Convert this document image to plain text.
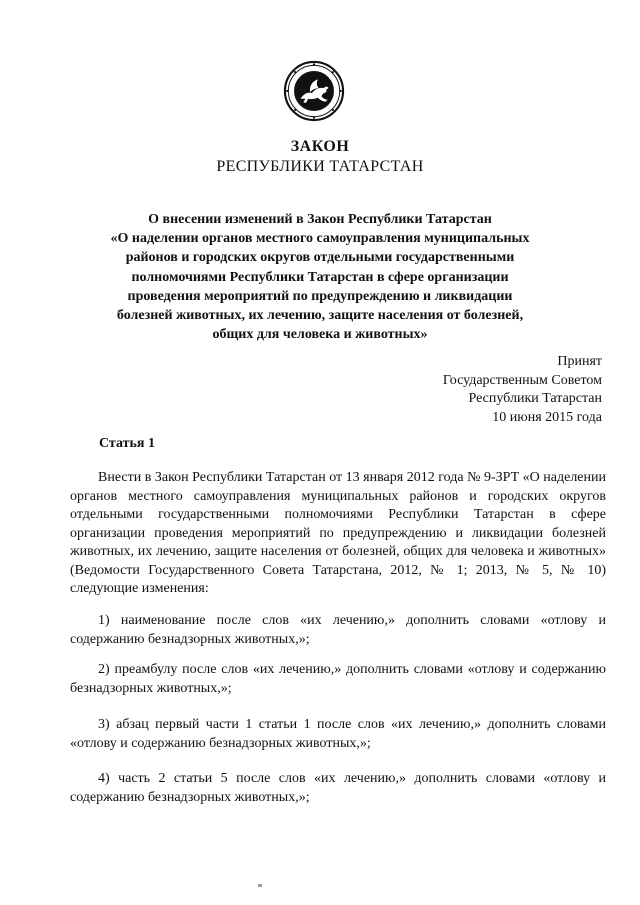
ЗАКОН
РЕСПУБЛИКИ ТАТАРСТАН
О внесении изменений в Закон Республики Татарстан
«О наделении органов местного самоуправления муниципальных
районов и городских округов отдельными государственными
полномочиями Республики Татарстан в сфере организации
проведения мероприятий по предупреждению и ликвидации
болезней животных, их лечению, защите населения от болезней,
общих для человека и животных»
Принят
Государственным Советом
Республики Татарстан
10 июня 2015 года
Статья 1
Внести в Закон Республики Татарстан от 13 января 2012 года № 9-ЗРТ «О наделении органов местного самоуправления муниципальных районов и городских округов отдельными государственными полномочиями Республики Татарстан в сфере организации проведения мероприятий по предупреждению и ликвидации болезней животных, их лечению, защите населения от болезней, общих для человека и животных» (Ведомости Государственного Совета Татарстана, 2012, № 1; 2013, № 5, № 10) следующие изменения:
1) наименование после слов «их лечению,» дополнить словами «отлову и содержанию безнадзорных животных,»;
2) преамбулу после слов «их лечению,» дополнить словами «отлову и содержанию безнадзорных животных,»;
3) абзац первый части 1 статьи 1 после слов «их лечению,» дополнить словами «отлову и содержанию безнадзорных животных,»;
4) часть 2 статьи 5 после слов «их лечению,» дополнить словами «отлову и содержанию безнадзорных животных,»;
